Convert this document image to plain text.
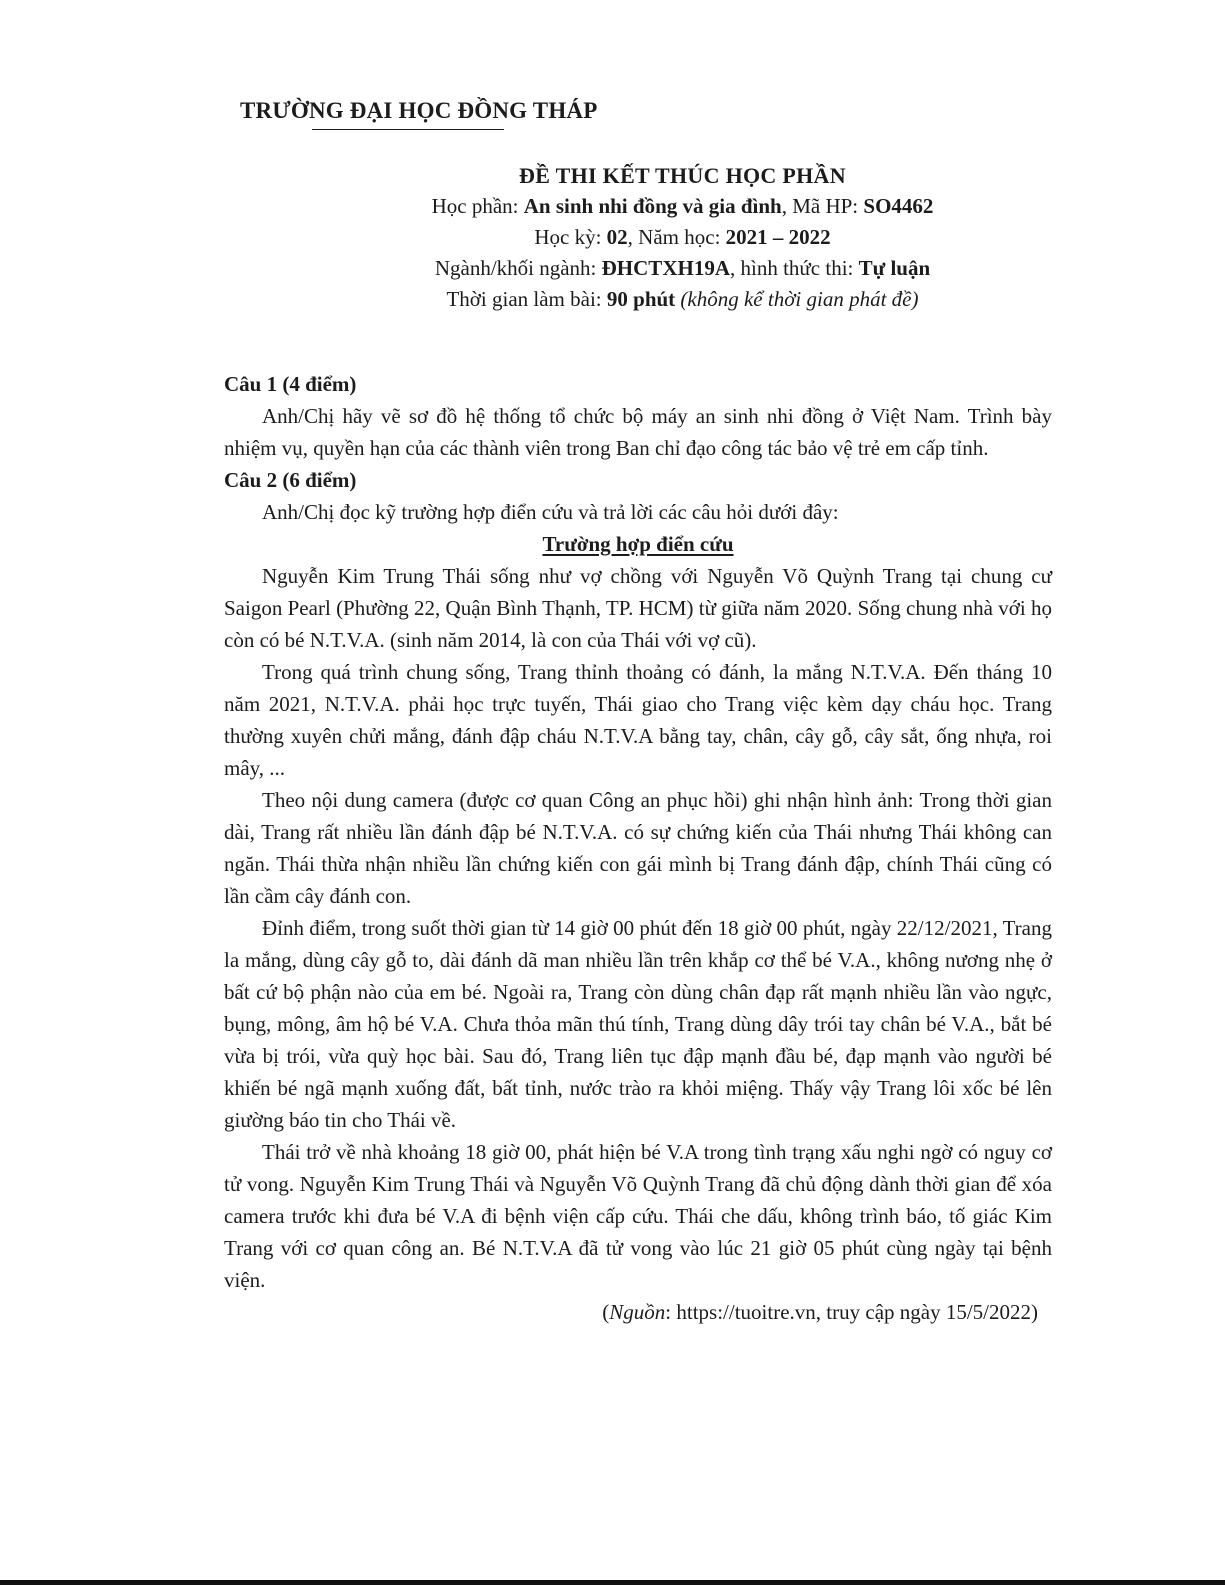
TRƯỜNG ĐẠI HỌC ĐỒNG THÁP
ĐỀ THI KẾT THÚC HỌC PHẦN
Học phần: An sinh nhi đồng và gia đình, Mã HP: SO4462
Học kỳ: 02, Năm học: 2021 – 2022
Ngành/khối ngành: ĐHCTXH19A, hình thức thi: Tự luận
Thời gian làm bài: 90 phút (không kể thời gian phát đề)

Câu 1 (4 điểm)

Anh/Chị hãy vẽ sơ đồ hệ thống tổ chức bộ máy an sinh nhi đồng ở Việt Nam. Trình bày nhiệm vụ, quyền hạn của các thành viên trong Ban chỉ đạo công tác bảo vệ trẻ em cấp tỉnh.

Câu 2 (6 điểm)

Anh/Chị đọc kỹ trường hợp điển cứu và trả lời các câu hỏi dưới đây:

Trường hợp điển cứu

Nguyễn Kim Trung Thái sống như vợ chồng với Nguyễn Võ Quỳnh Trang tại chung cư Saigon Pearl (Phường 22, Quận Bình Thạnh, TP. HCM) từ giữa năm 2020. Sống chung nhà với họ còn có bé N.T.V.A. (sinh năm 2014, là con của Thái với vợ cũ).

Trong quá trình chung sống, Trang thỉnh thoảng có đánh, la mắng N.T.V.A. Đến tháng 10 năm 2021, N.T.V.A. phải học trực tuyến, Thái giao cho Trang việc kèm dạy cháu học. Trang thường xuyên chửi mắng, đánh đập cháu N.T.V.A bằng tay, chân, cây gỗ, cây sắt, ống nhựa, roi mây, ...

Theo nội dung camera (được cơ quan Công an phục hồi) ghi nhận hình ảnh: Trong thời gian dài, Trang rất nhiều lần đánh đập bé N.T.V.A. có sự chứng kiến của Thái nhưng Thái không can ngăn. Thái thừa nhận nhiều lần chứng kiến con gái mình bị Trang đánh đập, chính Thái cũng có lần cầm cây đánh con.

Đỉnh điểm, trong suốt thời gian từ 14 giờ 00 phút đến 18 giờ 00 phút, ngày 22/12/2021, Trang la mắng, dùng cây gỗ to, dài đánh dã man nhiều lần trên khắp cơ thể bé V.A., không nương nhẹ ở bất cứ bộ phận nào của em bé. Ngoài ra, Trang còn dùng chân đạp rất mạnh nhiều lần vào ngực, bụng, mông, âm hộ bé V.A. Chưa thỏa mãn thú tính, Trang dùng dây trói tay chân bé V.A., bắt bé vừa bị trói, vừa quỳ học bài. Sau đó, Trang liên tục đập mạnh đầu bé, đạp mạnh vào người bé khiến bé ngã mạnh xuống đất, bất tỉnh, nước trào ra khỏi miệng. Thấy vậy Trang lôi xốc bé lên giường báo tin cho Thái về.

Thái trở về nhà khoảng 18 giờ 00, phát hiện bé V.A trong tình trạng xấu nghi ngờ có nguy cơ tử vong. Nguyễn Kim Trung Thái và Nguyễn Võ Quỳnh Trang đã chủ động dành thời gian để xóa camera trước khi đưa bé V.A đi bệnh viện cấp cứu. Thái che dấu, không trình báo, tố giác Kim Trang với cơ quan công an. Bé N.T.V.A đã tử vong vào lúc 21 giờ 05 phút cùng ngày tại bệnh viện.

(Nguồn: https://tuoitre.vn, truy cập ngày 15/5/2022)
